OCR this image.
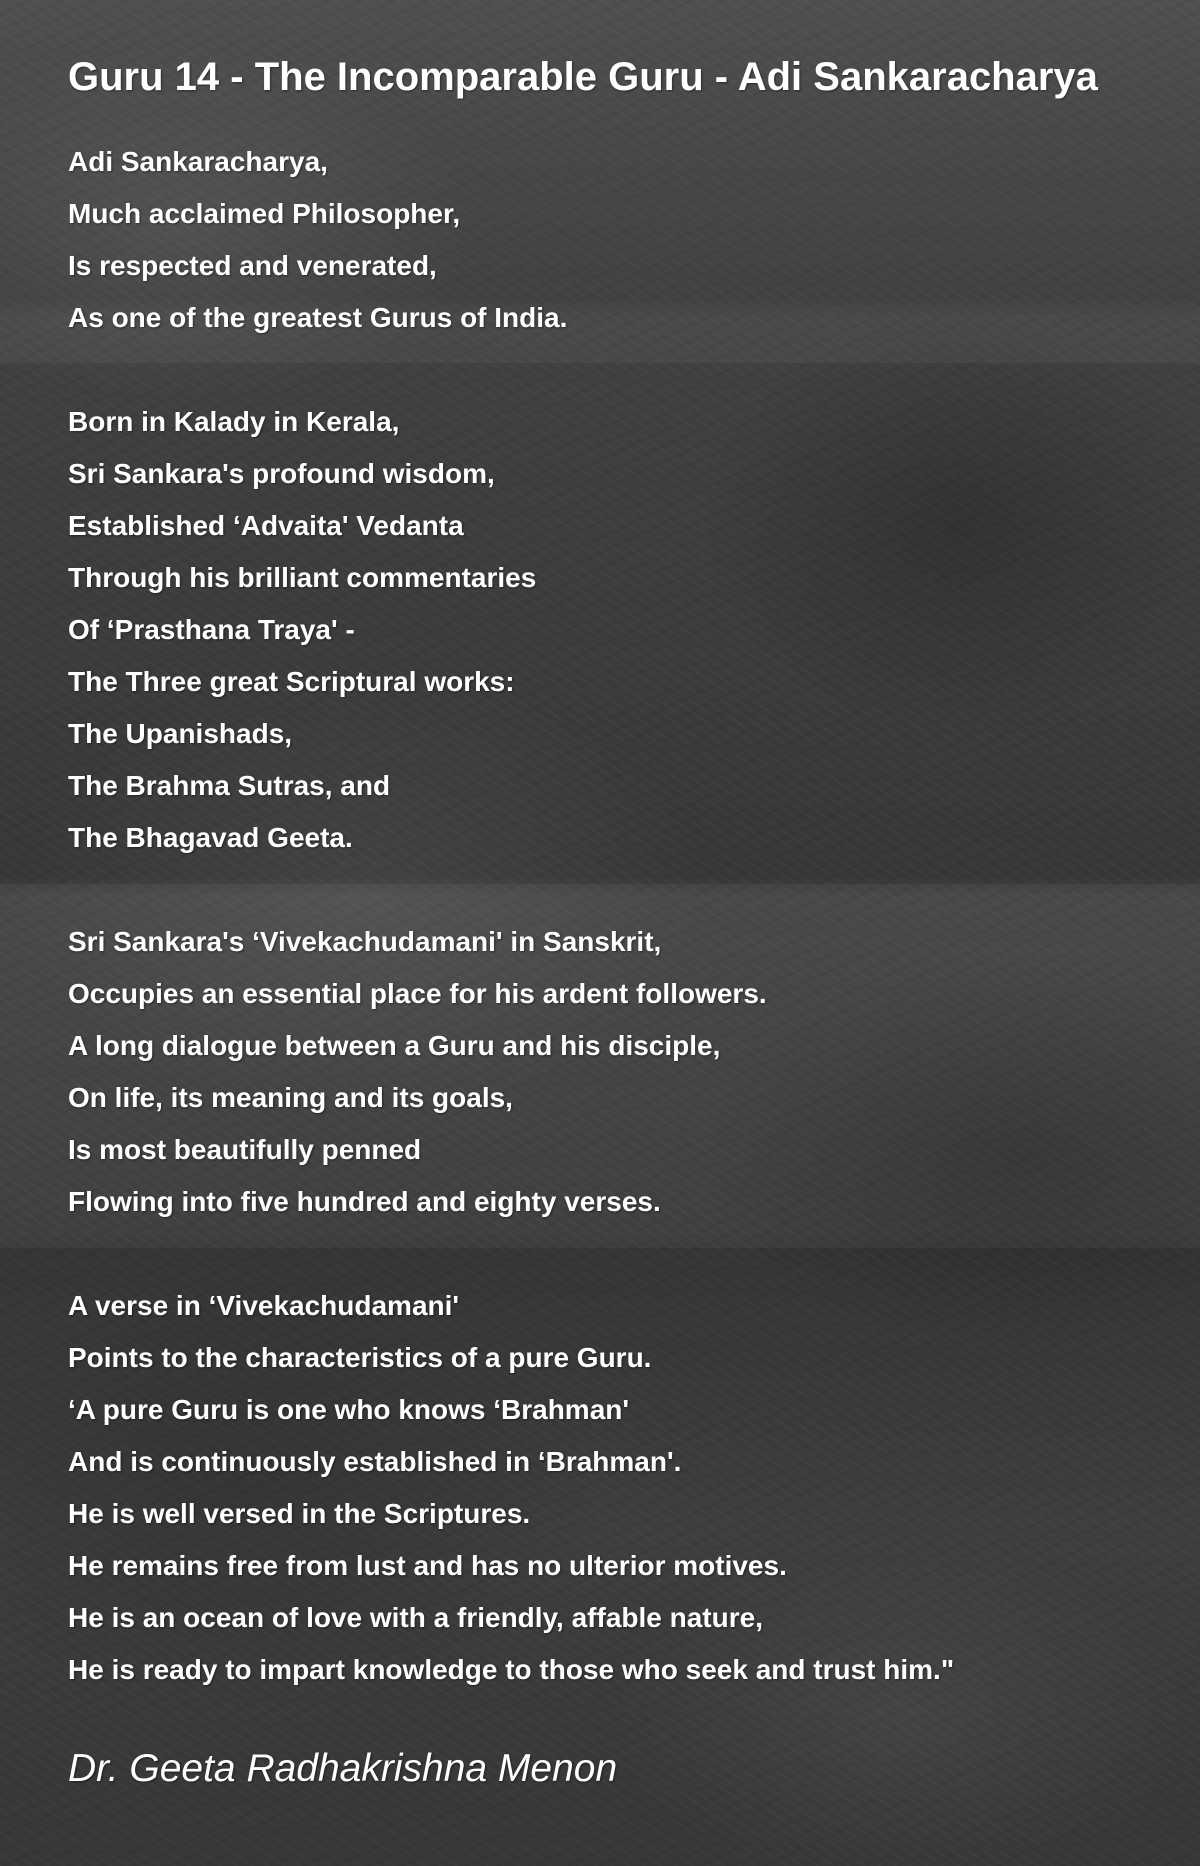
Guru 14 - The Incomparable Guru - Adi Sankaracharya
Adi Sankaracharya,
Much acclaimed Philosopher,
Is respected and venerated,
As one of the greatest Gurus of India.
Born in Kalady in Kerala,
Sri Sankara's profound wisdom,
Established ‘Advaita' Vedanta
Through his brilliant commentaries
Of ‘Prasthana Traya' -
The Three great Scriptural works:
The Upanishads,
The Brahma Sutras, and
The Bhagavad Geeta.
Sri Sankara's ‘Vivekachudamani' in Sanskrit,
Occupies an essential place for his ardent followers.
A long dialogue between a Guru and his disciple,
On life, its meaning and its goals,
Is most beautifully penned
Flowing into five hundred and eighty verses.
A verse in ‘Vivekachudamani'
Points to the characteristics of a pure Guru.
‘A pure Guru is one who knows ‘Brahman'
And is continuously established in ‘Brahman'.
He is well versed in the Scriptures.
He remains free from lust and has no ulterior motives.
He is an ocean of love with a friendly, affable nature,
He is ready to impart knowledge to those who seek and trust him."
Dr. Geeta Radhakrishna Menon
